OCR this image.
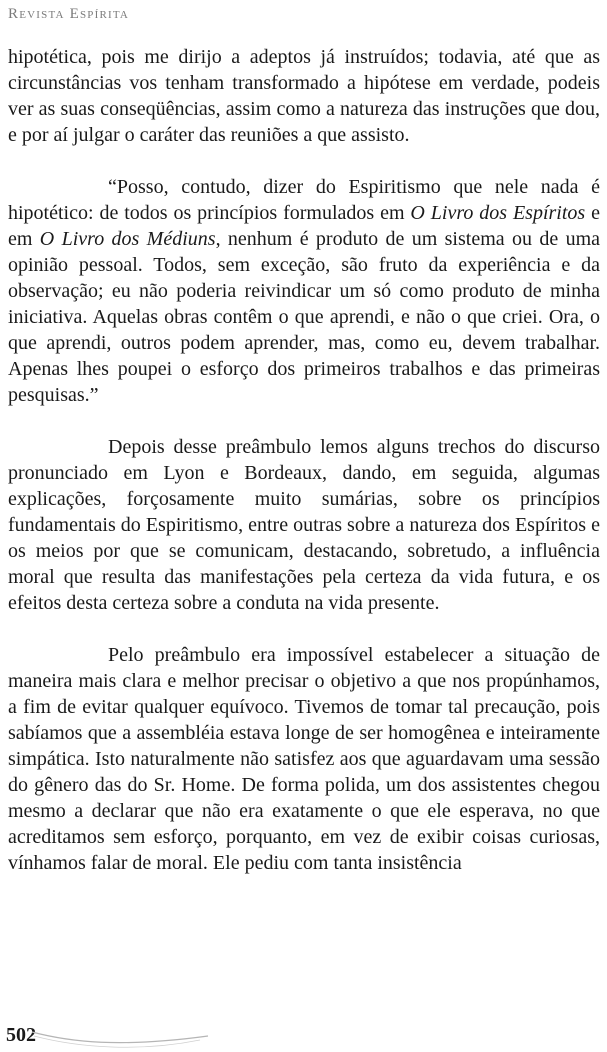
Revista Espírita

hipotética, pois me dirijo a adeptos já instruídos; todavia, até que as circunstâncias vos tenham transformado a hipótese em verdade, podeis ver as suas conseqüências, assim como a natureza das instruções que dou, e por aí julgar o caráter das reuniões a que assisto.

“Posso, contudo, dizer do Espiritismo que nele nada é hipotético: de todos os princípios formulados em O Livro dos Espíritos e em O Livro dos Médiuns, nenhum é produto de um sistema ou de uma opinião pessoal. Todos, sem exceção, são fruto da experiência e da observação; eu não poderia reivindicar um só como produto de minha iniciativa. Aquelas obras contêm o que aprendi, e não o que criei. Ora, o que aprendi, outros podem aprender, mas, como eu, devem trabalhar. Apenas lhes poupei o esforço dos primeiros trabalhos e das primeiras pesquisas.”

Depois desse preâmbulo lemos alguns trechos do discurso pronunciado em Lyon e Bordeaux, dando, em seguida, algumas explicações, forçosamente muito sumárias, sobre os princípios fundamentais do Espiritismo, entre outras sobre a natureza dos Espíritos e os meios por que se comunicam, destacando, sobretudo, a influência moral que resulta das manifestações pela certeza da vida futura, e os efeitos desta certeza sobre a conduta na vida presente.

Pelo preâmbulo era impossível estabelecer a situação de maneira mais clara e melhor precisar o objetivo a que nos propúnhamos, a fim de evitar qualquer equívoco. Tivemos de tomar tal precaução, pois sabíamos que a assembléia estava longe de ser homogênea e inteiramente simpática. Isto naturalmente não satisfez aos que aguardavam uma sessão do gênero das do Sr. Home. De forma polida, um dos assistentes chegou mesmo a declarar que não era exatamente o que ele esperava, no que acreditamos sem esforço, porquanto, em vez de exibir coisas curiosas, vínhamos falar de moral. Ele pediu com tanta insistência

502
